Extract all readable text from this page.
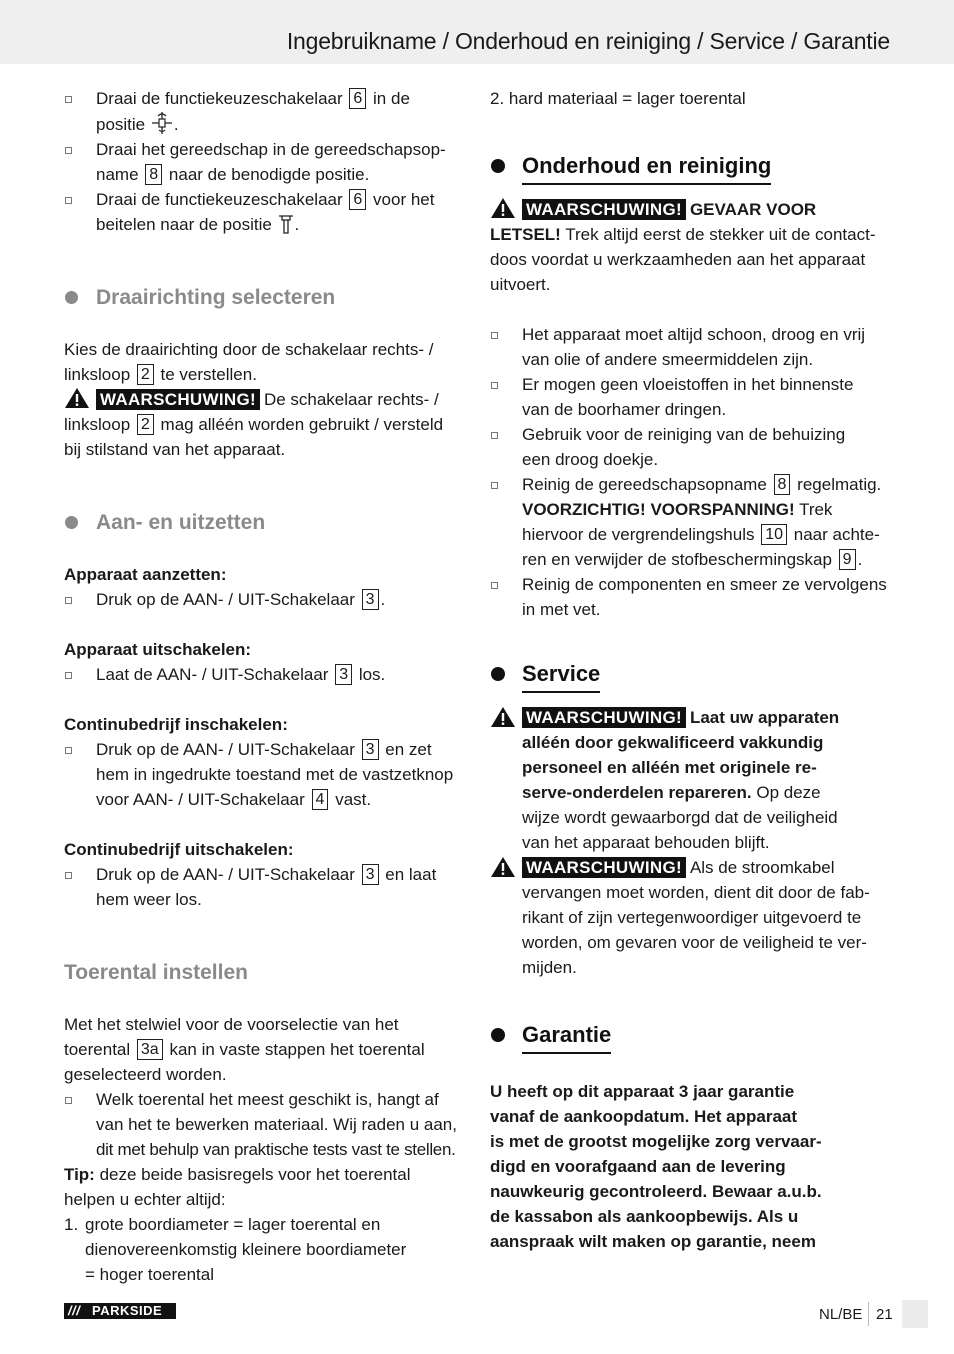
Ingebruikname / Onderhoud en reiniging / Service / Garantie

Draai de functiekeuzeschakelaar 6 in de
positie .

Draai het gereedschap in de gereedschapsop-
name 8 naar de benodigde positie.

Draai de functiekeuzeschakelaar 6 voor het
beitelen naar de positie .

Draairichting selecteren

Kies de draairichting door de schakelaar rechts- /
linksloop 2 te verstellen.
WAARSCHUWING! De schakelaar rechts- /
linksloop 2 mag alléén worden gebruikt / versteld
bij stilstand van het apparaat.

Aan- en uitzetten

Apparaat aanzetten:

Druk op de AAN- / UIT-Schakelaar 3 .

Apparaat uitschakelen:

Laat de AAN- / UIT-Schakelaar 3 los.

Continubedrijf inschakelen:

Druk op de AAN- / UIT-Schakelaar 3 en zet
hem in ingedrukte toestand met de vastzetknop
voor AAN- / UIT-Schakelaar 4 vast.

Continubedrijf uitschakelen:

Druk op de AAN- / UIT-Schakelaar 3 en laat
hem weer los.

Toerental instellen

Met het stelwiel voor de voorselectie van het
toerental 3a kan in vaste stappen het toerental
geselecteerd worden.

Welk toerental het meest geschikt is, hangt af
van het te bewerken materiaal. Wij raden u aan,
dit met behulp van praktische tests vast te stellen.

Tip: deze beide basisregels voor het toerental
helpen u echter altijd:

1. grote boordiameter = lager toerental en
dienovereenkomstig kleinere boordiameter
= hoger toerental

2. hard materiaal = lager toerental

Onderhoud en reiniging

WAARSCHUWING! GEVAAR VOOR
LETSEL! Trek altijd eerst de stekker uit de contact-
doos voordat u werkzaamheden aan het apparaat
uitvoert.

Het apparaat moet altijd schoon, droog en vrij
van olie of andere smeermiddelen zijn.

Er mogen geen vloeistoffen in het binnenste
van de boorhamer dringen.

Gebruik voor de reiniging van de behuizing
een droog doekje.

Reinig de gereedschapsopname 8 regelmatig.
VOORZICHTIG! VOORSPANNING! Trek
hiervoor de vergrendelingshuls 10 naar achte-
ren en verwijder de stofbeschermingskap 9 .

Reinig de componenten en smeer ze vervolgens
in met vet.

Service

WAARSCHUWING! Laat uw apparaten
alléén door gekwalificeerd vakkundig
personeel en alléén met originele re-
serve-onderdelen repareren. Op deze
wijze wordt gewaarborgd dat de veiligheid
van het apparaat behouden blijft.

WAARSCHUWING! Als de stroomkabel
vervangen moet worden, dient dit door de fab-
rikant of zijn vertegenwoordiger uitgevoerd te
worden, om gevaren voor de veiligheid te ver-
mijden.

Garantie

U heeft op dit apparaat 3 jaar garantie
vanaf de aankoopdatum. Het apparaat
is met de grootst mogelijke zorg vervaar-
digd en voorafgaand aan de levering
nauwkeurig gecontroleerd. Bewaar a.u.b.
de kassabon als aankoopbewijs. Als u
aanspraak wilt maken op garantie, neem

/// PARKSIDE	NL/BE 21
